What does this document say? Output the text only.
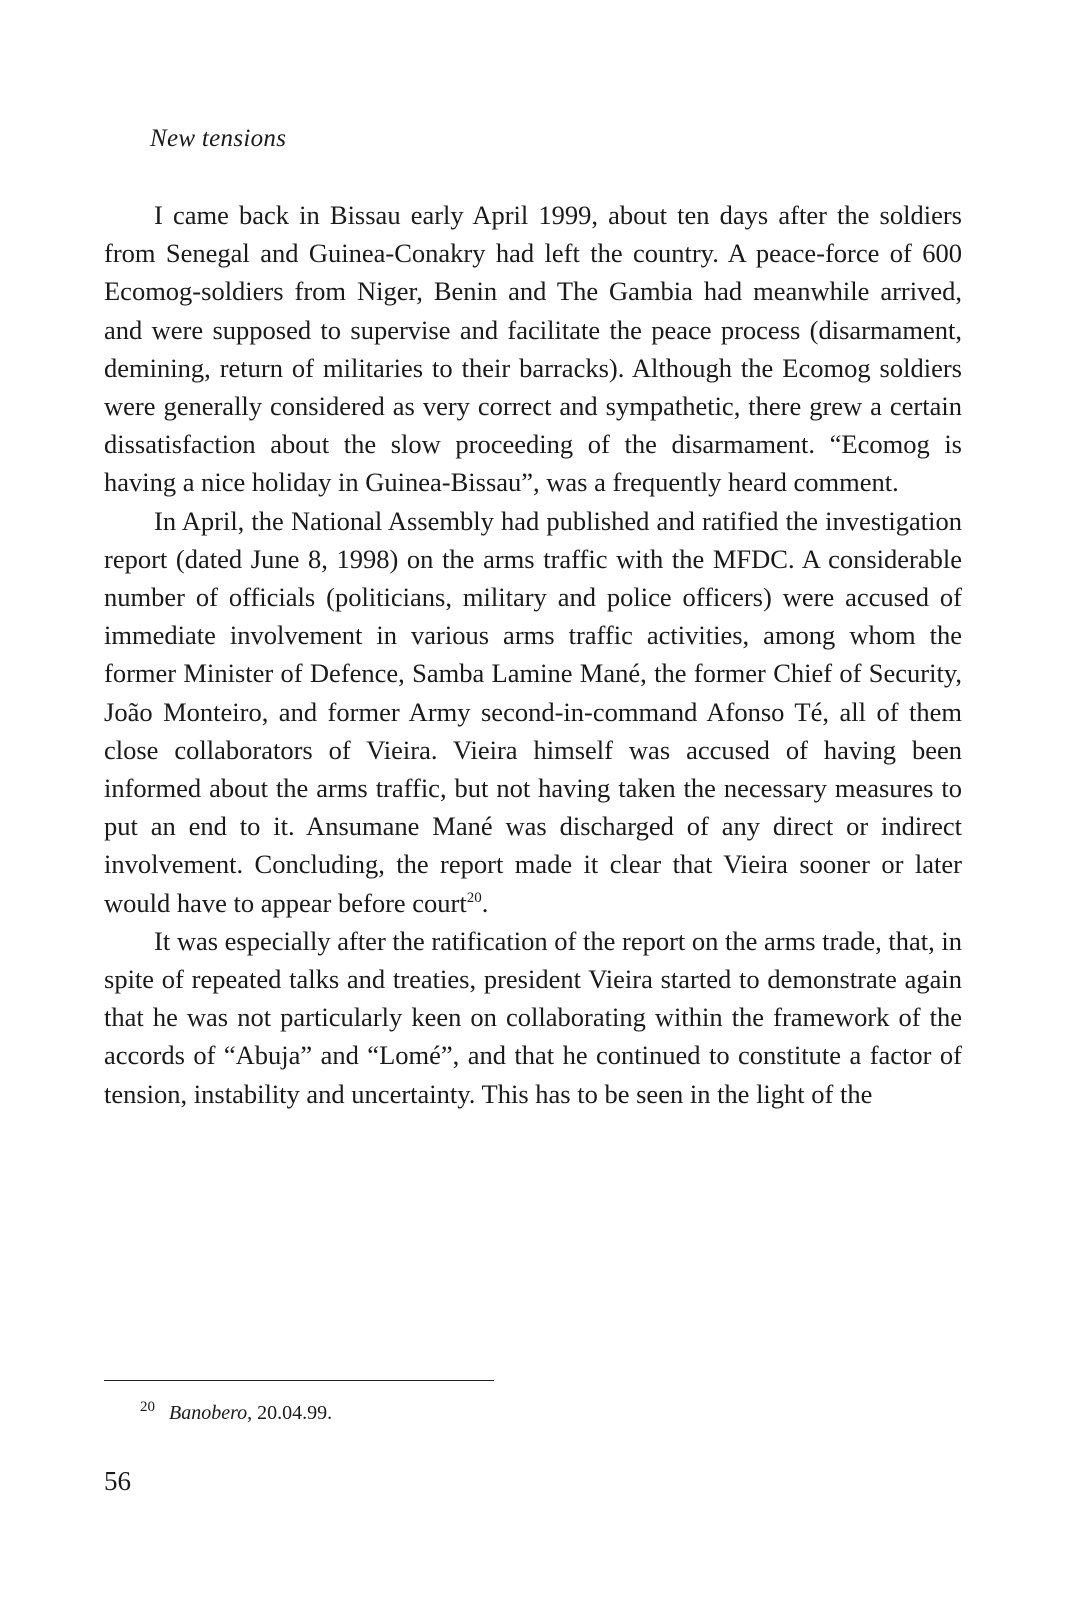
New tensions

I came back in Bissau early April 1999, about ten days after the soldiers from Senegal and Guinea-Conakry had left the country. A peace-force of 600 Ecomog-soldiers from Niger, Benin and The Gambia had meanwhile arrived, and were supposed to supervise and facilitate the peace process (disarmament, demining, return of militaries to their barracks). Although the Ecomog soldiers were generally considered as very correct and sympathetic, there grew a certain dissatisfaction about the slow proceeding of the disarmament. “Ecomog is having a nice holiday in Guinea-Bissau”, was a frequently heard comment.

In April, the National Assembly had published and ratified the investigation report (dated June 8, 1998) on the arms traffic with the MFDC. A considerable number of officials (politicians, military and police officers) were accused of immediate involvement in various arms traffic activities, among whom the former Minister of Defence, Samba Lamine Mané, the former Chief of Security, João Monteiro, and former Army second-in-command Afonso Té, all of them close collaborators of Vieira. Vieira himself was accused of having been informed about the arms traffic, but not having taken the necessary measures to put an end to it. Ansumane Mané was discharged of any direct or indirect involvement. Concluding, the report made it clear that Vieira sooner or later would have to appear before court$^{20}$.

It was especially after the ratification of the report on the arms trade, that, in spite of repeated talks and treaties, president Vieira started to demonstrate again that he was not particularly keen on collaborating within the framework of the accords of “Abuja” and “Lomé”, and that he continued to constitute a factor of tension, instability and uncertainty. This has to be seen in the light of the

$^{20}$ Banobero, 20.04.99.
56
